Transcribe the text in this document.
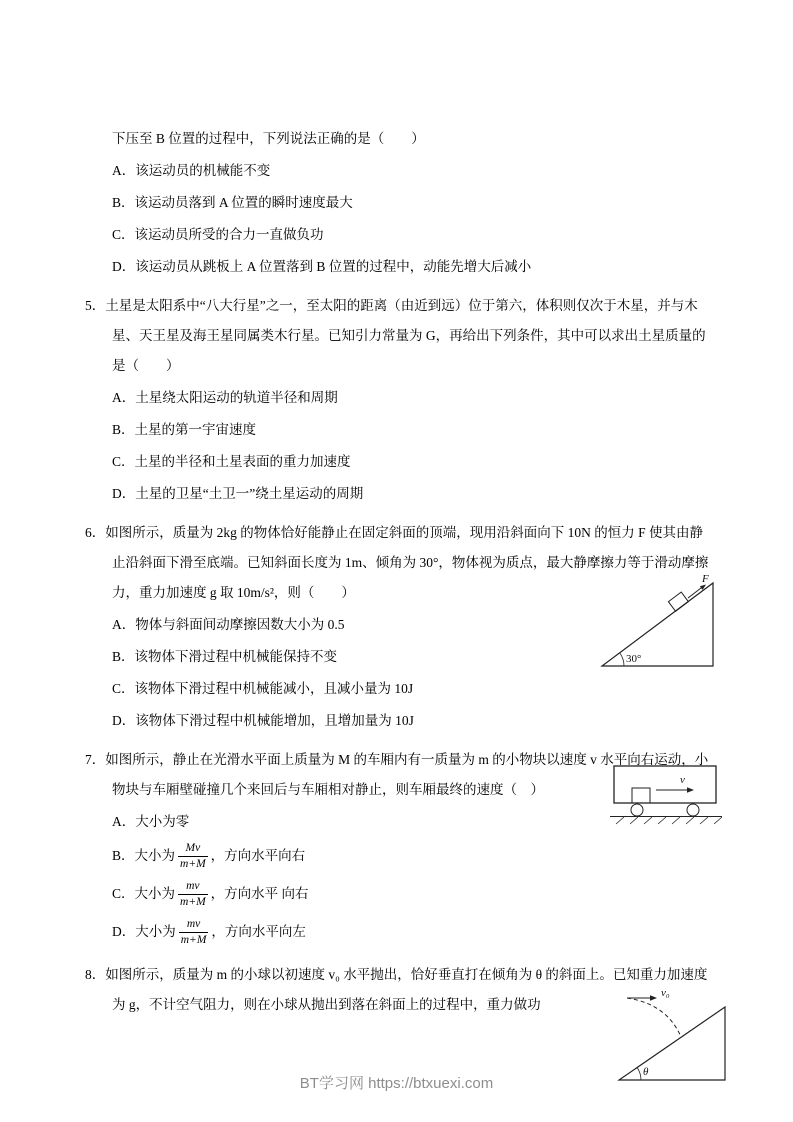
下压至 B 位置的过程中，下列说法正确的是（　　）

A．该运动员的机械能不变

B．该运动员落到 A 位置的瞬时速度最大

C．该运动员所受的合力一直做负功

D．该运动员从跳板上 A 位置落到 B 位置的过程中，动能先增大后减小

5．土星是太阳系中“八大行星”之一，至太阳的距离（由近到远）位于第六，体积则仅次于木星，并与木星、天王星及海王星同属类木行星。已知引力常量为 G，再给出下列条件，其中可以求出土星质量的是（　　）

A．土星绕太阳运动的轨道半径和周期

B．土星的第一宇宙速度

C．土星的半径和土星表面的重力加速度

D．土星的卫星“土卫一”绕土星运动的周期

30°
F

6．如图所示，质量为 2kg 的物体恰好能静止在固定斜面的顶端，现用沿斜面向下 10N 的恒力 F 使其由静止沿斜面下滑至底端。已知斜面长度为 1m、倾角为 30°，物体视为质点，最大静摩擦力等于滑动摩擦力，重力加速度 g 取 10m/s²，则（　　）

A．物体与斜面间动摩擦因数大小为 0.5

B．该物体下滑过程中机械能保持不变

C．该物体下滑过程中机械能减小，且减小量为 10J

D．该物体下滑过程中机械能增加，且增加量为 10J

v

7．如图所示，静止在光滑水平面上质量为 M 的车厢内有一质量为 m 的小物块以速度 v 水平向右运动，小物块与车厢壁碰撞几个来回后与车厢相对静止，则车厢最终的速度（　）

A．大小为零

B．大小为 $\frac{Mv}{m+M}$ ，方向水平向右

C．大小为 $\frac{mv}{m+M}$ ，方向水平 向右

D．大小为 $\frac{mv}{m+M}$ ，方向水平向左

θ
v₀

8．如图所示，质量为 m 的小球以初速度 v₀ 水平抛出，恰好垂直打在倾角为 θ 的斜面上。已知重力加速度为 g，不计空气阻力，则在小球从抛出到落在斜面上的过程中，重力做功

BT学习网 https://btxuexi.com
